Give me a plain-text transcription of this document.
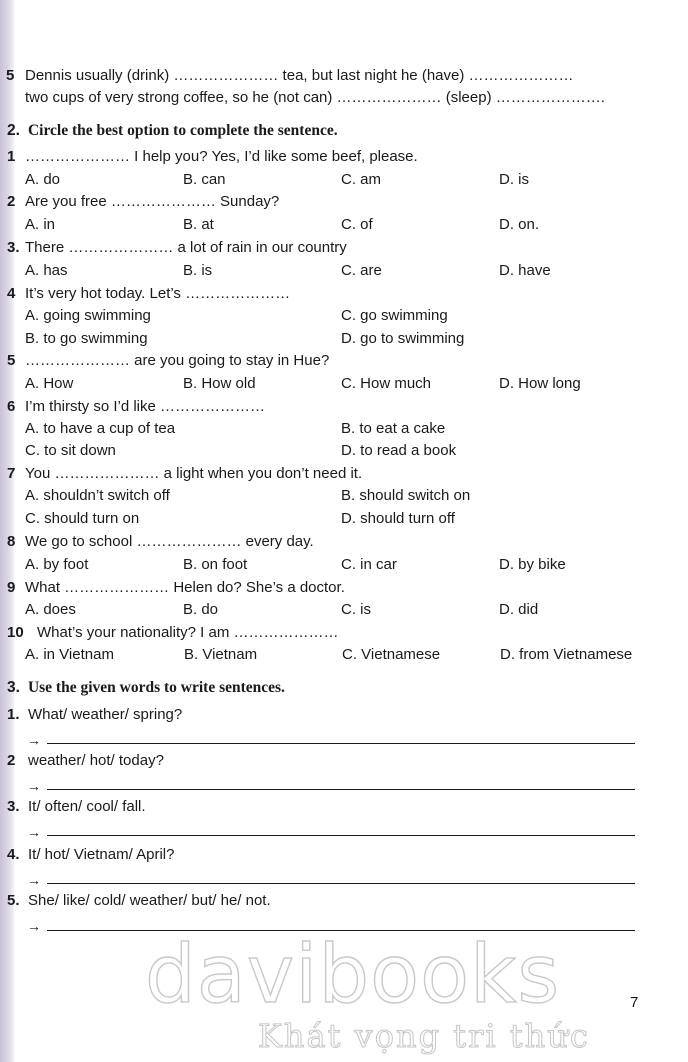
5 Dennis usually (drink) ………………… tea, but last night he (have) …………………
two cups of very strong coffee, so he (not can) ………………… (sleep) ………………….
2. Circle the best option to complete the sentence.
1 ………………… I help you? Yes, I’d like some beef, please.
A. do	B. can	C. am	D. is
2 Are you free ………………… Sunday?
A. in	B. at	C. of	D. on.
3. There ………………… a lot of rain in our country
A. has	B. is	C. are	D. have
4 It’s very hot today. Let’s …………………
A. going swimming	C. go swimming
B. to go swimming	D. go to swimming
5 ………………… are you going to stay in Hue?
A. How	B. How old	C. How much	D. How long
6 I’m thirsty so I’d like …………………
A. to have a cup of tea	B. to eat a cake
C. to sit down	D. to read a book
7 You ………………… a light when you don’t need it.
A. shouldn’t switch off	B. should switch on
C. should turn on	D. should turn off
8 We go to school ………………… every day.
A. by foot	B. on foot	C. in car	D. by bike
9 What ………………… Helen do? She’s a doctor.
A. does	B. do	C. is	D. did
10 What’s your nationality? I am …………………
A. in Vietnam	B. Vietnam	C. Vietnamese	D. from Vietnamese
3. Use the given words to write sentences.
1. What/ weather/ spring?
→
2 weather/ hot/ today?
→
3. It/ often/ cool/ fall.
→
4. It/ hot/ Vietnam/ April?
→
5. She/ like/ cold/ weather/ but/ he/ not.
→
davibooks
Khát vọng tri thức
7
